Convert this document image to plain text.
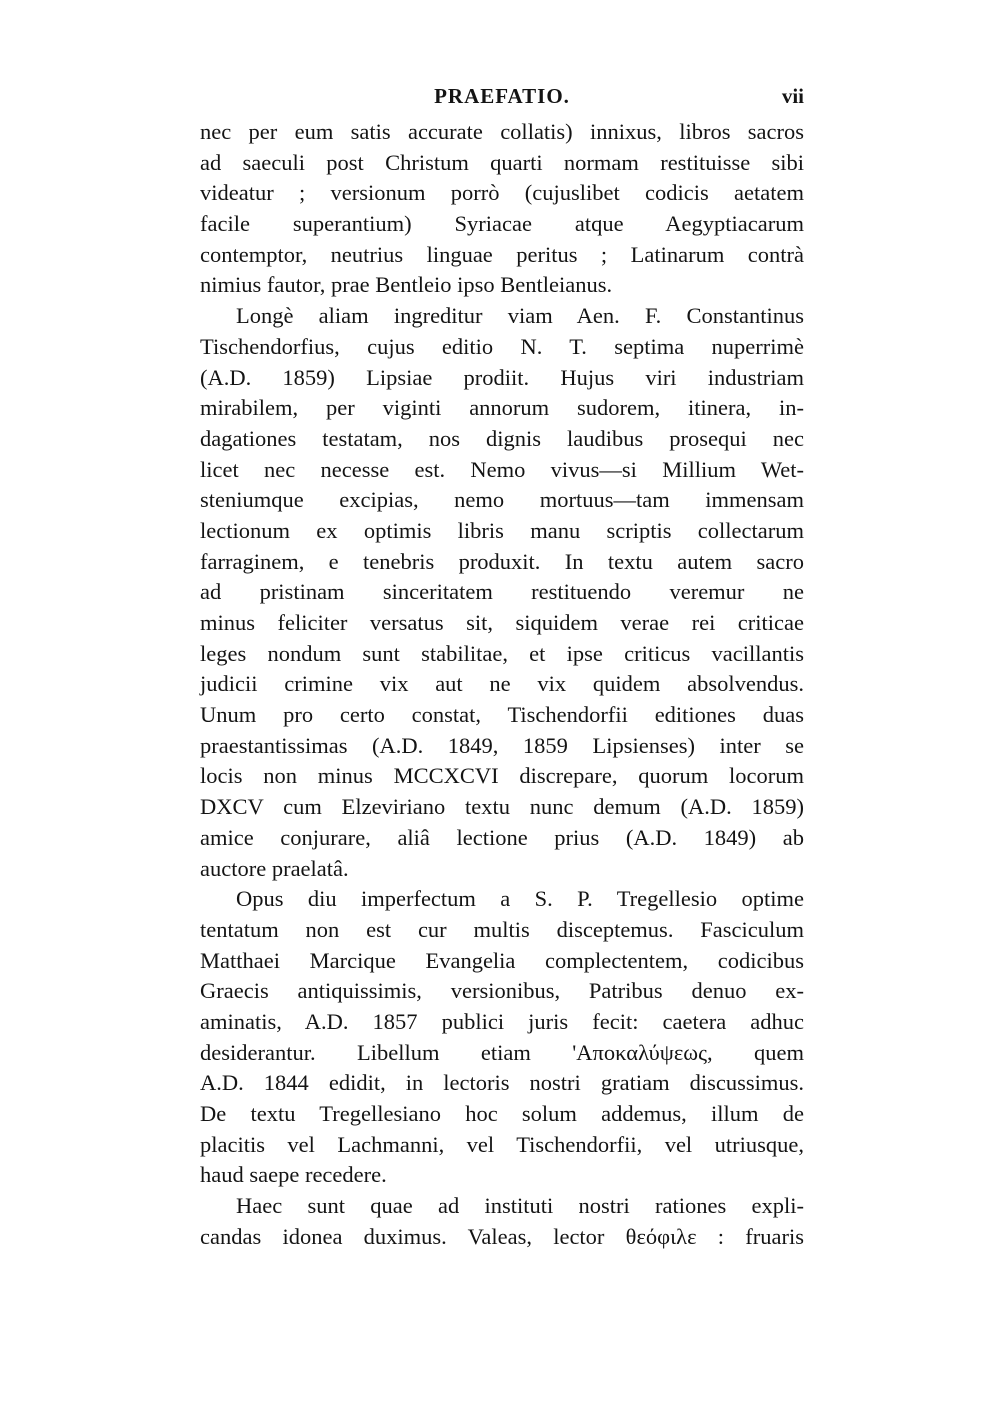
PRAEFATIO.	vii
nec per eum satis accurate collatis) innixus, libros sacros
ad saeculi post Christum quarti normam restituisse sibi
videatur ; versionum porrò (cujuslibet codicis aetatem
facile superantium) Syriacae atque Aegyptiacarum
contemptor, neutrius linguae peritus ; Latinarum contrà
nimius fautor, prae Bentleio ipso Bentleianus.
Longè aliam ingreditur viam Aen. F. Constantinus
Tischendorfius, cujus editio N. T. septima nuperrimè
(A.D. 1859) Lipsiae prodiit. Hujus viri industriam
mirabilem, per viginti annorum sudorem, itinera, in-
dagationes testatam, nos dignis laudibus prosequi nec
licet nec necesse est. Nemo vivus—si Millium Wet-
steniumque excipias, nemo mortuus—tam immensam
lectionum ex optimis libris manu scriptis collectarum
farraginem, e tenebris produxit. In textu autem sacro
ad pristinam sinceritatem restituendo veremur ne
minus feliciter versatus sit, siquidem verae rei criticae
leges nondum sunt stabilitae, et ipse criticus vacillantis
judicii crimine vix aut ne vix quidem absolvendus.
Unum pro certo constat, Tischendorfii editiones duas
praestantissimas (A.D. 1849, 1859 Lipsienses) inter se
locis non minus MCCXCVI discrepare, quorum locorum
DXCV cum Elzeviriano textu nunc demum (A.D. 1859)
amice conjurare, aliâ lectione prius (A.D. 1849) ab
auctore praelatâ.
Opus diu imperfectum a S. P. Tregellesio optime
tentatum non est cur multis disceptemus. Fasciculum
Matthaei Marcique Evangelia complectentem, codicibus
Graecis antiquissimis, versionibus, Patribus denuo ex-
aminatis, A.D. 1857 publici juris fecit: caetera adhuc
desiderantur. Libellum etiam 'Αποκαλύψεως, quem
A.D. 1844 edidit, in lectoris nostri gratiam discussimus.
De textu Tregellesiano hoc solum addemus, illum de
placitis vel Lachmanni, vel Tischendorfii, vel utriusque,
haud saepe recedere.
Haec sunt quae ad instituti nostri rationes expli-
candas idonea duximus. Valeas, lector θεόφιλε : fruaris
